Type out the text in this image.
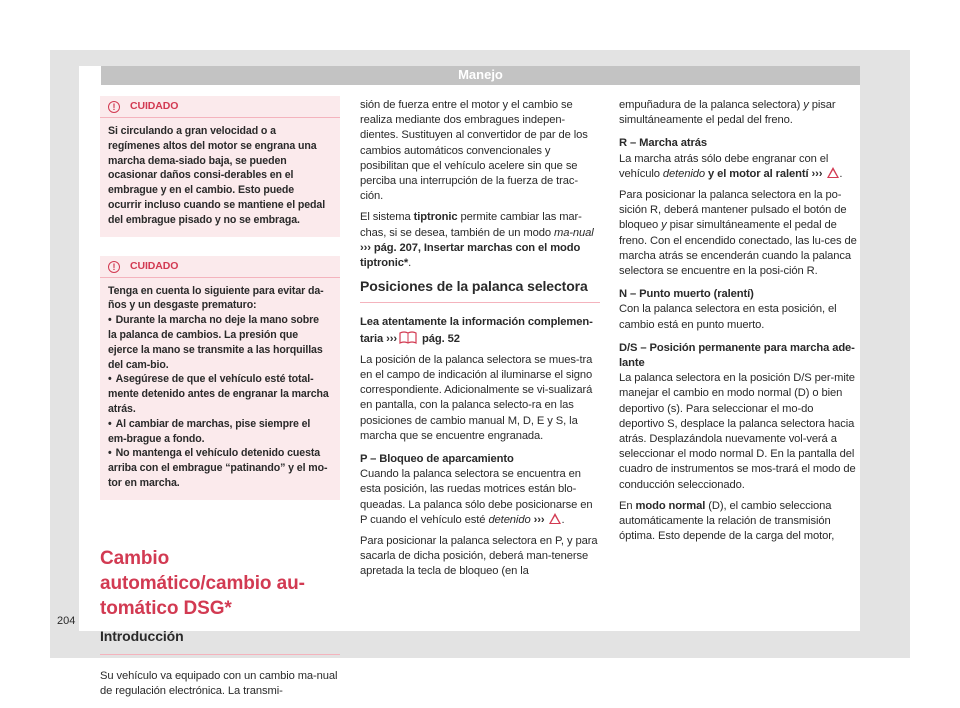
Manejo
!	CUIDADO

Si circulando a gran velocidad o a regímenes altos del motor se engrana una marcha dema-siado baja, se pueden ocasionar daños consi-derables en el embrague y en el cambio. Esto puede ocurrir incluso cuando se mantiene el pedal del embrague pisado y no se embraga.

!	CUIDADO

Tenga en cuenta lo siguiente para evitar da-ños y un desgaste prematuro:

• Durante la marcha no deje la mano sobre la palanca de cambios. La presión que ejerce la mano se transmite a las horquillas del cam-bio.

• Asegúrese de que el vehículo esté total-mente detenido antes de engranar la marcha atrás.

• Al cambiar de marchas, pise siempre el em-brague a fondo.

• No mantenga el vehículo detenido cuesta arriba con el embrague “patinando” y el mo-tor en marcha.

Cambio automático/cambio au-
tomático DSG*
Introducción
Su vehículo va equipado con un cambio ma-nual de regulación electrónica. La transmi-
sión de fuerza entre el motor y el cambio se realiza mediante dos embragues indepen-dientes. Sustituyen al convertidor de par de los cambios automáticos convencionales y posibilitan que el vehículo acelere sin que se perciba una interrupción de la fuerza de trac-ción.
El sistema tiptronic permite cambiar las mar-chas, si se desea, también de un modo ma-nual ››› pág. 207, Insertar marchas con el modo tiptronic*.
Posiciones de la palanca selectora
Lea atentamente la información complemen-taria ››› pág. 52
La posición de la palanca selectora se mues-tra en el campo de indicación al iluminarse el signo correspondiente. Adicionalmente se vi-sualizará en pantalla, con la palanca selecto-ra en las posiciones de cambio manual M, D, E y S, la marcha que se encuentre engranada.
P – Bloqueo de aparcamiento
Cuando la palanca selectora se encuentra en esta posición, las ruedas motrices están blo-queadas. La palanca sólo debe posicionarse en P cuando el vehículo esté detenido ››› .
Para posicionar la palanca selectora en P, y para sacarla de dicha posición, deberá man-tenerse apretada la tecla de bloqueo (en la
empuñadura de la palanca selectora) y pisar simultáneamente el pedal del freno.
R – Marcha atrás
La marcha atrás sólo debe engranar con el vehículo detenido y el motor al ralentí ››› .
Para posicionar la palanca selectora en la po-sición R, deberá mantener pulsado el botón de bloqueo y pisar simultáneamente el pedal de freno. Con el encendido conectado, las lu-ces de marcha atrás se encenderán cuando la palanca selectora se encuentre en la posi-ción R.
N – Punto muerto (ralentí)
Con la palanca selectora en esta posición, el cambio está en punto muerto.
D/S – Posición permanente para marcha ade-lante
La palanca selectora en la posición D/S per-mite manejar el cambio en modo normal (D) o bien deportivo (s). Para seleccionar el mo-do deportivo S, desplace la palanca selectora hacia atrás. Desplazándola nuevamente vol-verá a seleccionar el modo normal D. En la pantalla del cuadro de instrumentos se mos-trará el modo de conducción seleccionado.
En modo normal (D), el cambio selecciona automáticamente la relación de transmisión óptima. Esto depende de la carga del motor,
204
